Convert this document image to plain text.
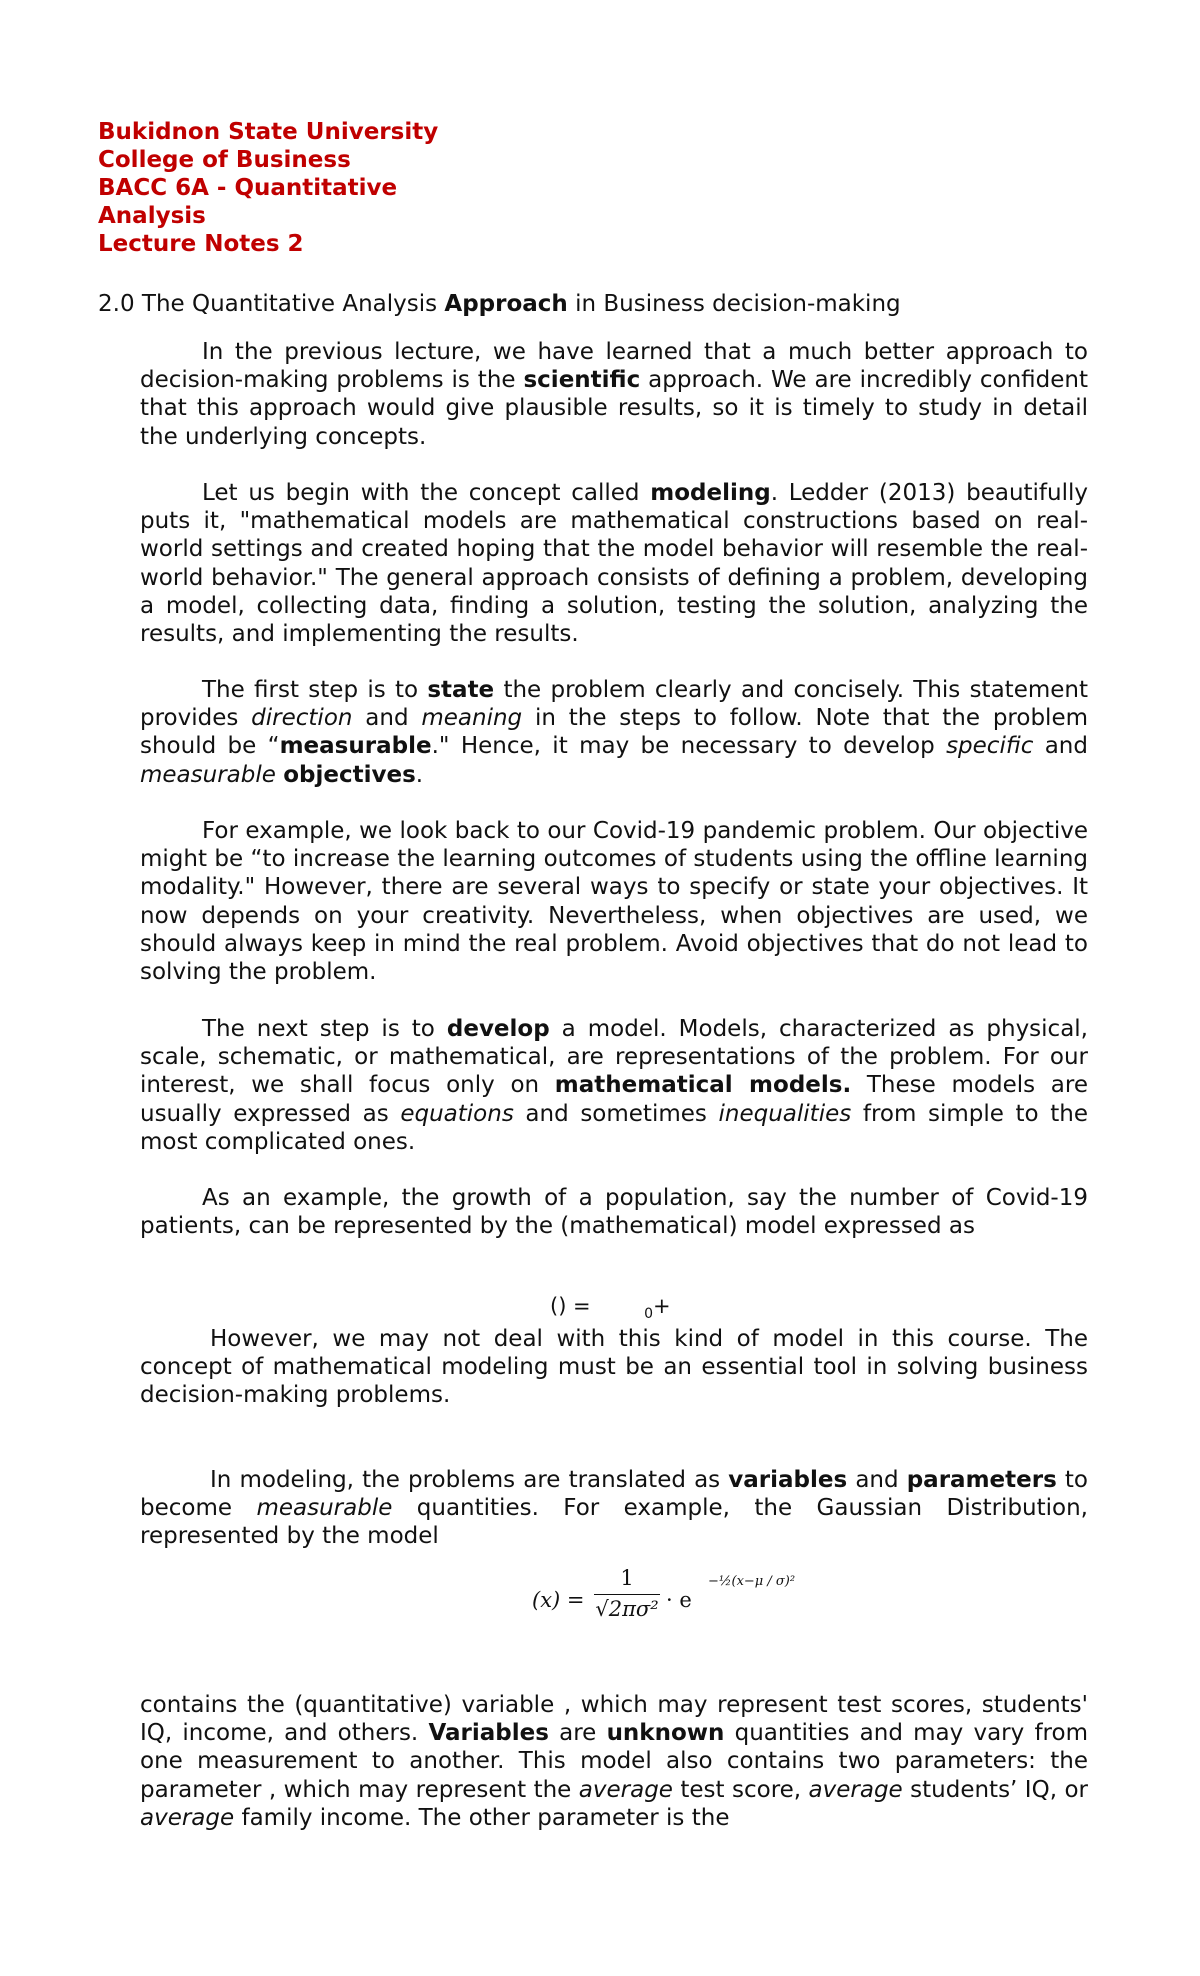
Bukidnon State University
College of Business
BACC 6A - Quantitative
Analysis
Lecture Notes 2
2.0 The Quantitative Analysis Approach in Business decision-making

In the previous lecture, we have learned that a much better approach to decision-making problems is the scientific approach. We are incredibly confident that this approach would give plausible results, so it is timely to study in detail the underlying concepts.

Let us begin with the concept called modeling. Ledder (2013) beautifully puts it, "mathematical models are mathematical constructions based on real-world settings and created hoping that the model behavior will resemble the real-world behavior." The general approach consists of defining a problem, developing a model, collecting data, finding a solution, testing the solution, analyzing the results, and implementing the results.

The first step is to state the problem clearly and concisely. This statement provides direction and meaning in the steps to follow. Note that the problem should be “measurable." Hence, it may be necessary to develop specific and measurable objectives.

For example, we look back to our Covid-19 pandemic problem. Our objective might be “to increase the learning outcomes of students using the offline learning modality." However, there are several ways to specify or state your objectives. It now depends on your creativity. Nevertheless, when objectives are used, we should always keep in mind the real problem. Avoid objectives that do not lead to solving the problem.

The next step is to develop a model. Models, characterized as physical, scale, schematic, or mathematical, are representations of the problem. For our interest, we shall focus only on mathematical models. These models are usually expressed as equations and sometimes inequalities from simple to the most complicated ones.

As an example, the growth of a population, say the number of Covid-19 patients, can be represented by the (mathematical) model expressed as

() =	$_0$+

However, we may not deal with this kind of model in this course. The concept of mathematical modeling must be an essential tool in solving business decision-making problems.

In modeling, the problems are translated as variables and parameters to become measurable quantities. For example, the Gaussian Distribution, represented by the model

(x) =
1
√2πσ² · e
−½(x−μ / σ)²

contains the (quantitative) variable , which may represent test scores, students' IQ, income, and others. Variables are unknown quantities and may vary from one measurement to another. This model also contains two parameters: the parameter , which may represent the average test score, average students’ IQ, or average family income. The other parameter is the
